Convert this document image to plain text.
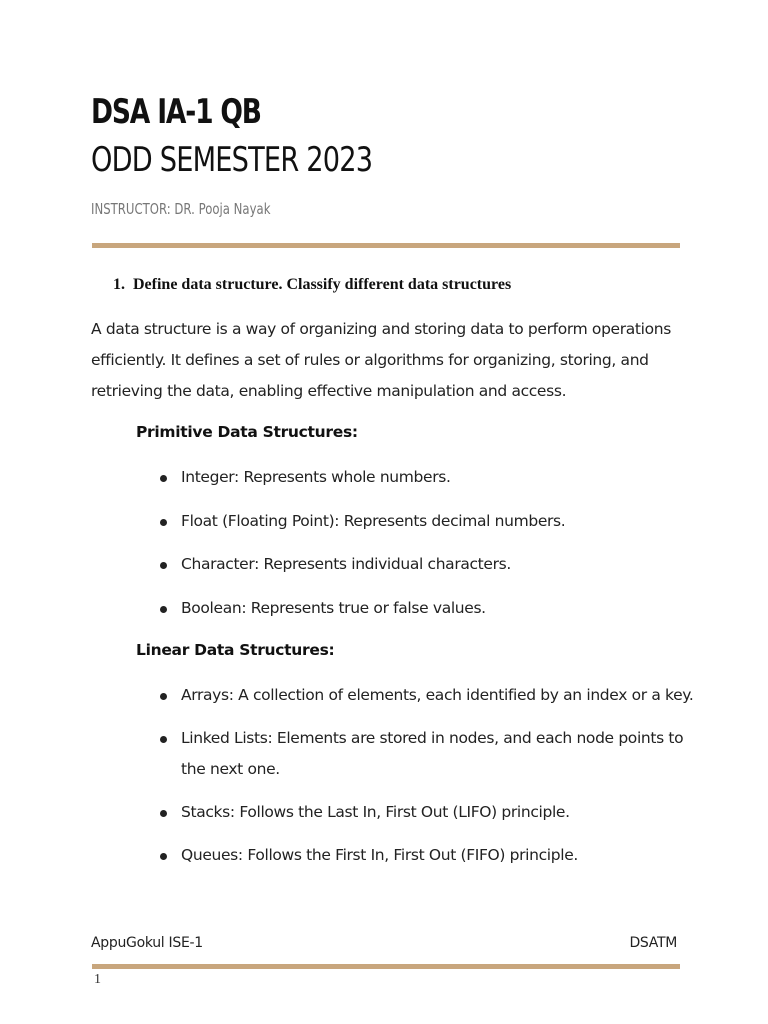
DSA IA-1 QB
ODD SEMESTER 2023
INSTRUCTOR: DR. Pooja Nayak
1. Define data structure. Classify different data structures
A data structure is a way of organizing and storing data to perform operations efficiently. It defines a set of rules or algorithms for organizing, storing, and retrieving the data, enabling effective manipulation and access.
Primitive Data Structures:
Integer: Represents whole numbers.
Float (Floating Point): Represents decimal numbers.
Character: Represents individual characters.
Boolean: Represents true or false values.
Linear Data Structures:
Arrays: A collection of elements, each identified by an index or a key.
Linked Lists: Elements are stored in nodes, and each node points to the next one.
Stacks: Follows the Last In, First Out (LIFO) principle.
Queues: Follows the First In, First Out (FIFO) principle.
AppuGokul ISE-1	DSATM
1
